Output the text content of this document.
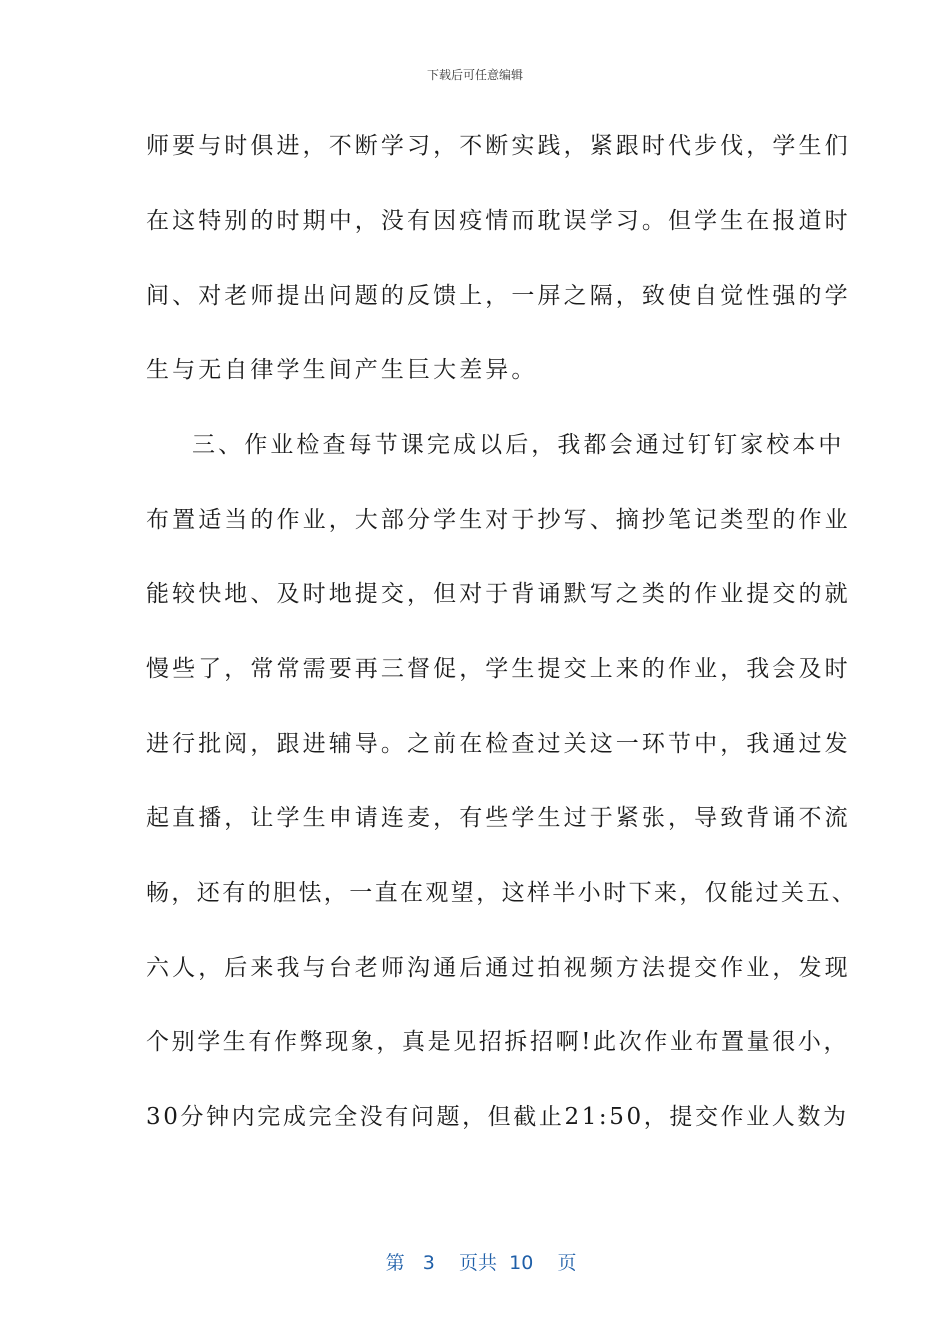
下载后可任意编辑
师要与时俱进，不断学习，不断实践，紧跟时代步伐，学生们
在这特别的时期中，没有因疫情而耽误学习。但学生在报道时
间、对老师提出问题的反馈上，一屏之隔，致使自觉性强的学
生与无自律学生间产生巨大差异。
三、作业检查每节课完成以后，我都会通过钉钉家校本中
布置适当的作业，大部分学生对于抄写、摘抄笔记类型的作业
能较快地、及时地提交，但对于背诵默写之类的作业提交的就
慢些了，常常需要再三督促，学生提交上来的作业，我会及时
进行批阅，跟进辅导。之前在检查过关这一环节中，我通过发
起直播，让学生申请连麦，有些学生过于紧张，导致背诵不流
畅，还有的胆怯，一直在观望，这样半小时下来，仅能过关五、
六人，后来我与台老师沟通后通过拍视频方法提交作业，发现
个别学生有作弊现象，真是见招拆招啊!此次作业布置量很小，
30分钟内完成完全没有问题，但截止21:50，提交作业人数为

第 3 页共 10 页
